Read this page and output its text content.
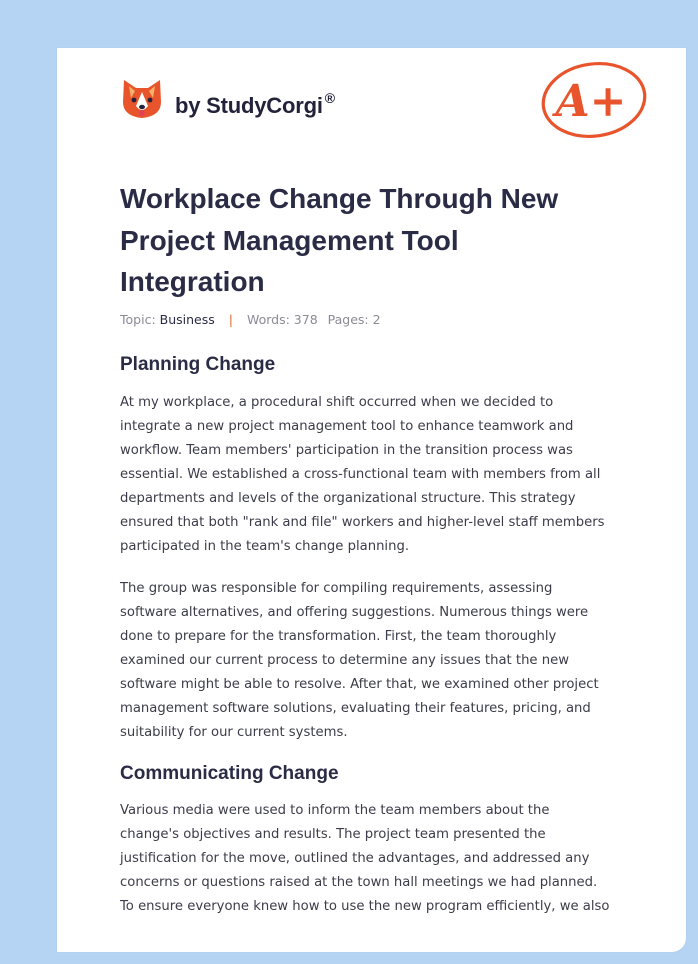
by StudyCorgi ®	A+
Workplace Change Through New
Project Management Tool
Integration
Topic: Business | Words: 378 Pages: 2
Planning Change

At my workplace, a procedural shift occurred when we decided to
integrate a new project management tool to enhance teamwork and
workflow. Team members' participation in the transition process was
essential. We established a cross-functional team with members from all
departments and levels of the organizational structure. This strategy
ensured that both "rank and file" workers and higher-level staff members
participated in the team's change planning.

The group was responsible for compiling requirements, assessing
software alternatives, and offering suggestions. Numerous things were
done to prepare for the transformation. First, the team thoroughly
examined our current process to determine any issues that the new
software might be able to resolve. After that, we examined other project
management software solutions, evaluating their features, pricing, and
suitability for our current systems.

Communicating Change

Various media were used to inform the team members about the
change's objectives and results. The project team presented the
justification for the move, outlined the advantages, and addressed any
concerns or questions raised at the town hall meetings we had planned.
To ensure everyone knew how to use the new program efficiently, we also
